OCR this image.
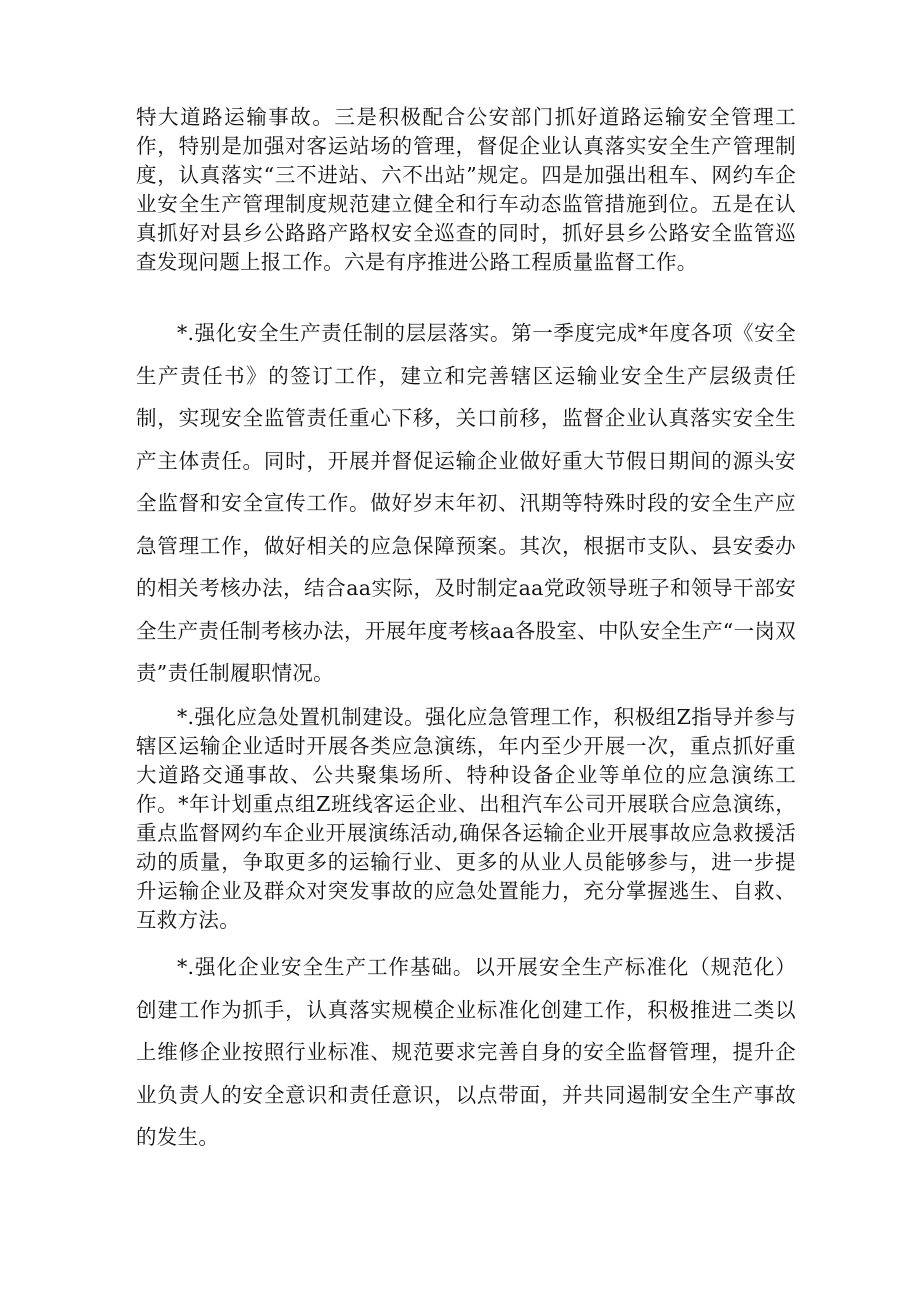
特大道路运输事故。三是积极配合公安部门抓好道路运输安全管理工作，特别是加强对客运站场的管理，督促企业认真落实安全生产管理制度，认真落实“三不进站、六不出站”规定。四是加强出租车、网约车企业安全生产管理制度规范建立健全和行车动态监管措施到位。五是在认真抓好对县乡公路路产路权安全巡查的同时，抓好县乡公路安全监管巡查发现问题上报工作。六是有序推进公路工程质量监督工作。

*.强化安全生产责任制的层层落实。第一季度完成*年度各项《安全生产责任书》的签订工作，建立和完善辖区运输业安全生产层级责任制，实现安全监管责任重心下移，关口前移，监督企业认真落实安全生产主体责任。同时，开展并督促运输企业做好重大节假日期间的源头安全监督和安全宣传工作。做好岁末年初、汛期等特殊时段的安全生产应急管理工作，做好相关的应急保障预案。其次，根据市支队、县安委办的相关考核办法，结合aa实际，及时制定aa党政领导班子和领导干部安全生产责任制考核办法，开展年度考核aa各股室、中队安全生产“一岗双责”责任制履职情况。

*.强化应急处置机制建设。强化应急管理工作，积极组Z指导并参与辖区运输企业适时开展各类应急演练，年内至少开展一次，重点抓好重大道路交通事故、公共聚集场所、特种设备企业等单位的应急演练工作。*年计划重点组Z班线客运企业、出租汽车公司开展联合应急演练，重点监督网约车企业开展演练活动,确保各运输企业开展事故应急救援活动的质量，争取更多的运输行业、更多的从业人员能够参与，进一步提升运输企业及群众对突发事故的应急处置能力，充分掌握逃生、自救、互救方法。

*.强化企业安全生产工作基础。以开展安全生产标准化（规范化）创建工作为抓手，认真落实规模企业标准化创建工作，积极推进二类以上维修企业按照行业标准、规范要求完善自身的安全监督管理，提升企业负责人的安全意识和责任意识，以点带面，并共同遏制安全生产事故的发生。
